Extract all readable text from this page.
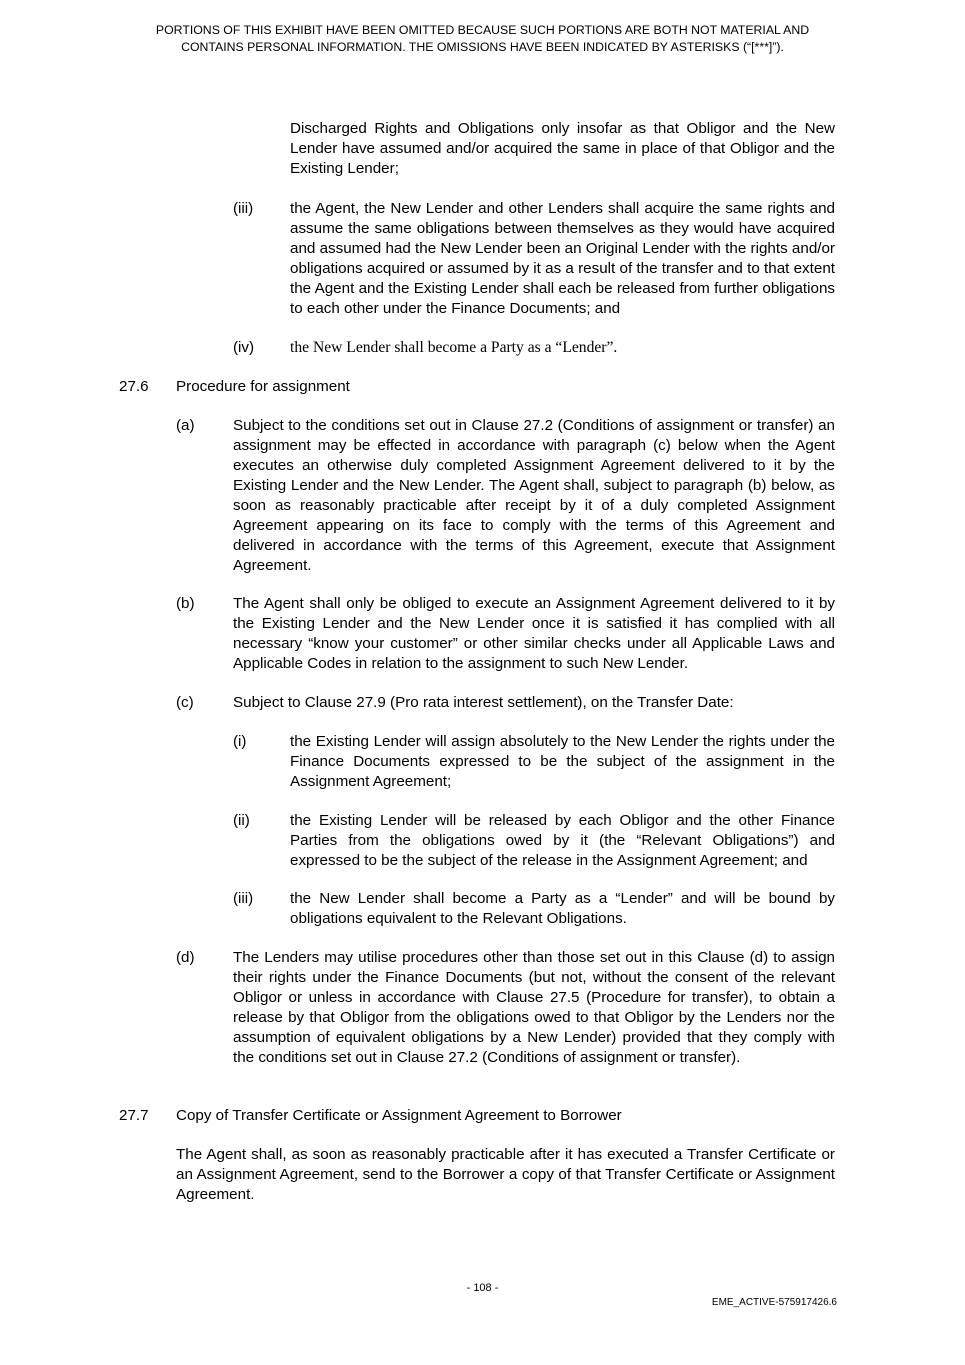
PORTIONS OF THIS EXHIBIT HAVE BEEN OMITTED BECAUSE SUCH PORTIONS ARE BOTH NOT MATERIAL AND
CONTAINS PERSONAL INFORMATION. THE OMISSIONS HAVE BEEN INDICATED BY ASTERISKS (“[***]”).
Discharged Rights and Obligations only insofar as that Obligor and the New Lender have assumed and/or acquired the same in place of that Obligor and the Existing Lender;
(iii) the Agent, the New Lender and other Lenders shall acquire the same rights and assume the same obligations between themselves as they would have acquired and assumed had the New Lender been an Original Lender with the rights and/or obligations acquired or assumed by it as a result of the transfer and to that extent the Agent and the Existing Lender shall each be released from further obligations to each other under the Finance Documents; and
(iv) the New Lender shall become a Party as a “Lender”.
27.6 Procedure for assignment
(a)	Subject to the conditions set out in Clause 27.2 (Conditions of assignment or transfer) an assignment may be effected in accordance with paragraph (c) below when the Agent executes an otherwise duly completed Assignment Agreement delivered to it by the Existing Lender and the New Lender. The Agent shall, subject to paragraph (b) below, as soon as reasonably practicable after receipt by it of a duly completed Assignment Agreement appearing on its face to comply with the terms of this Agreement and delivered in accordance with the terms of this Agreement, execute that Assignment Agreement.
(b)	The Agent shall only be obliged to execute an Assignment Agreement delivered to it by the Existing Lender and the New Lender once it is satisfied it has complied with all necessary “know your customer” or other similar checks under all Applicable Laws and Applicable Codes in relation to the assignment to such New Lender.
(c)	Subject to Clause 27.9 (Pro rata interest settlement), on the Transfer Date:
(i)	the Existing Lender will assign absolutely to the New Lender the rights under the Finance Documents expressed to be the subject of the assignment in the Assignment Agreement;
(ii)	the Existing Lender will be released by each Obligor and the other Finance Parties from the obligations owed by it (the “Relevant Obligations”) and expressed to be the subject of the release in the Assignment Agreement; and
(iii) the New Lender shall become a Party as a “Lender” and will be bound by obligations equivalent to the Relevant Obligations.
(d)	The Lenders may utilise procedures other than those set out in this Clause (d) to assign their rights under the Finance Documents (but not, without the consent of the relevant Obligor or unless in accordance with Clause 27.5 (Procedure for transfer), to obtain a release by that Obligor from the obligations owed to that Obligor by the Lenders nor the assumption of equivalent obligations by a New Lender) provided that they comply with the conditions set out in Clause 27.2 (Conditions of assignment or transfer).
27.7 Copy of Transfer Certificate or Assignment Agreement to Borrower
The Agent shall, as soon as reasonably practicable after it has executed a Transfer Certificate or an Assignment Agreement, send to the Borrower a copy of that Transfer Certificate or Assignment Agreement.
- 108 -
EME_ACTIVE-575917426.6
